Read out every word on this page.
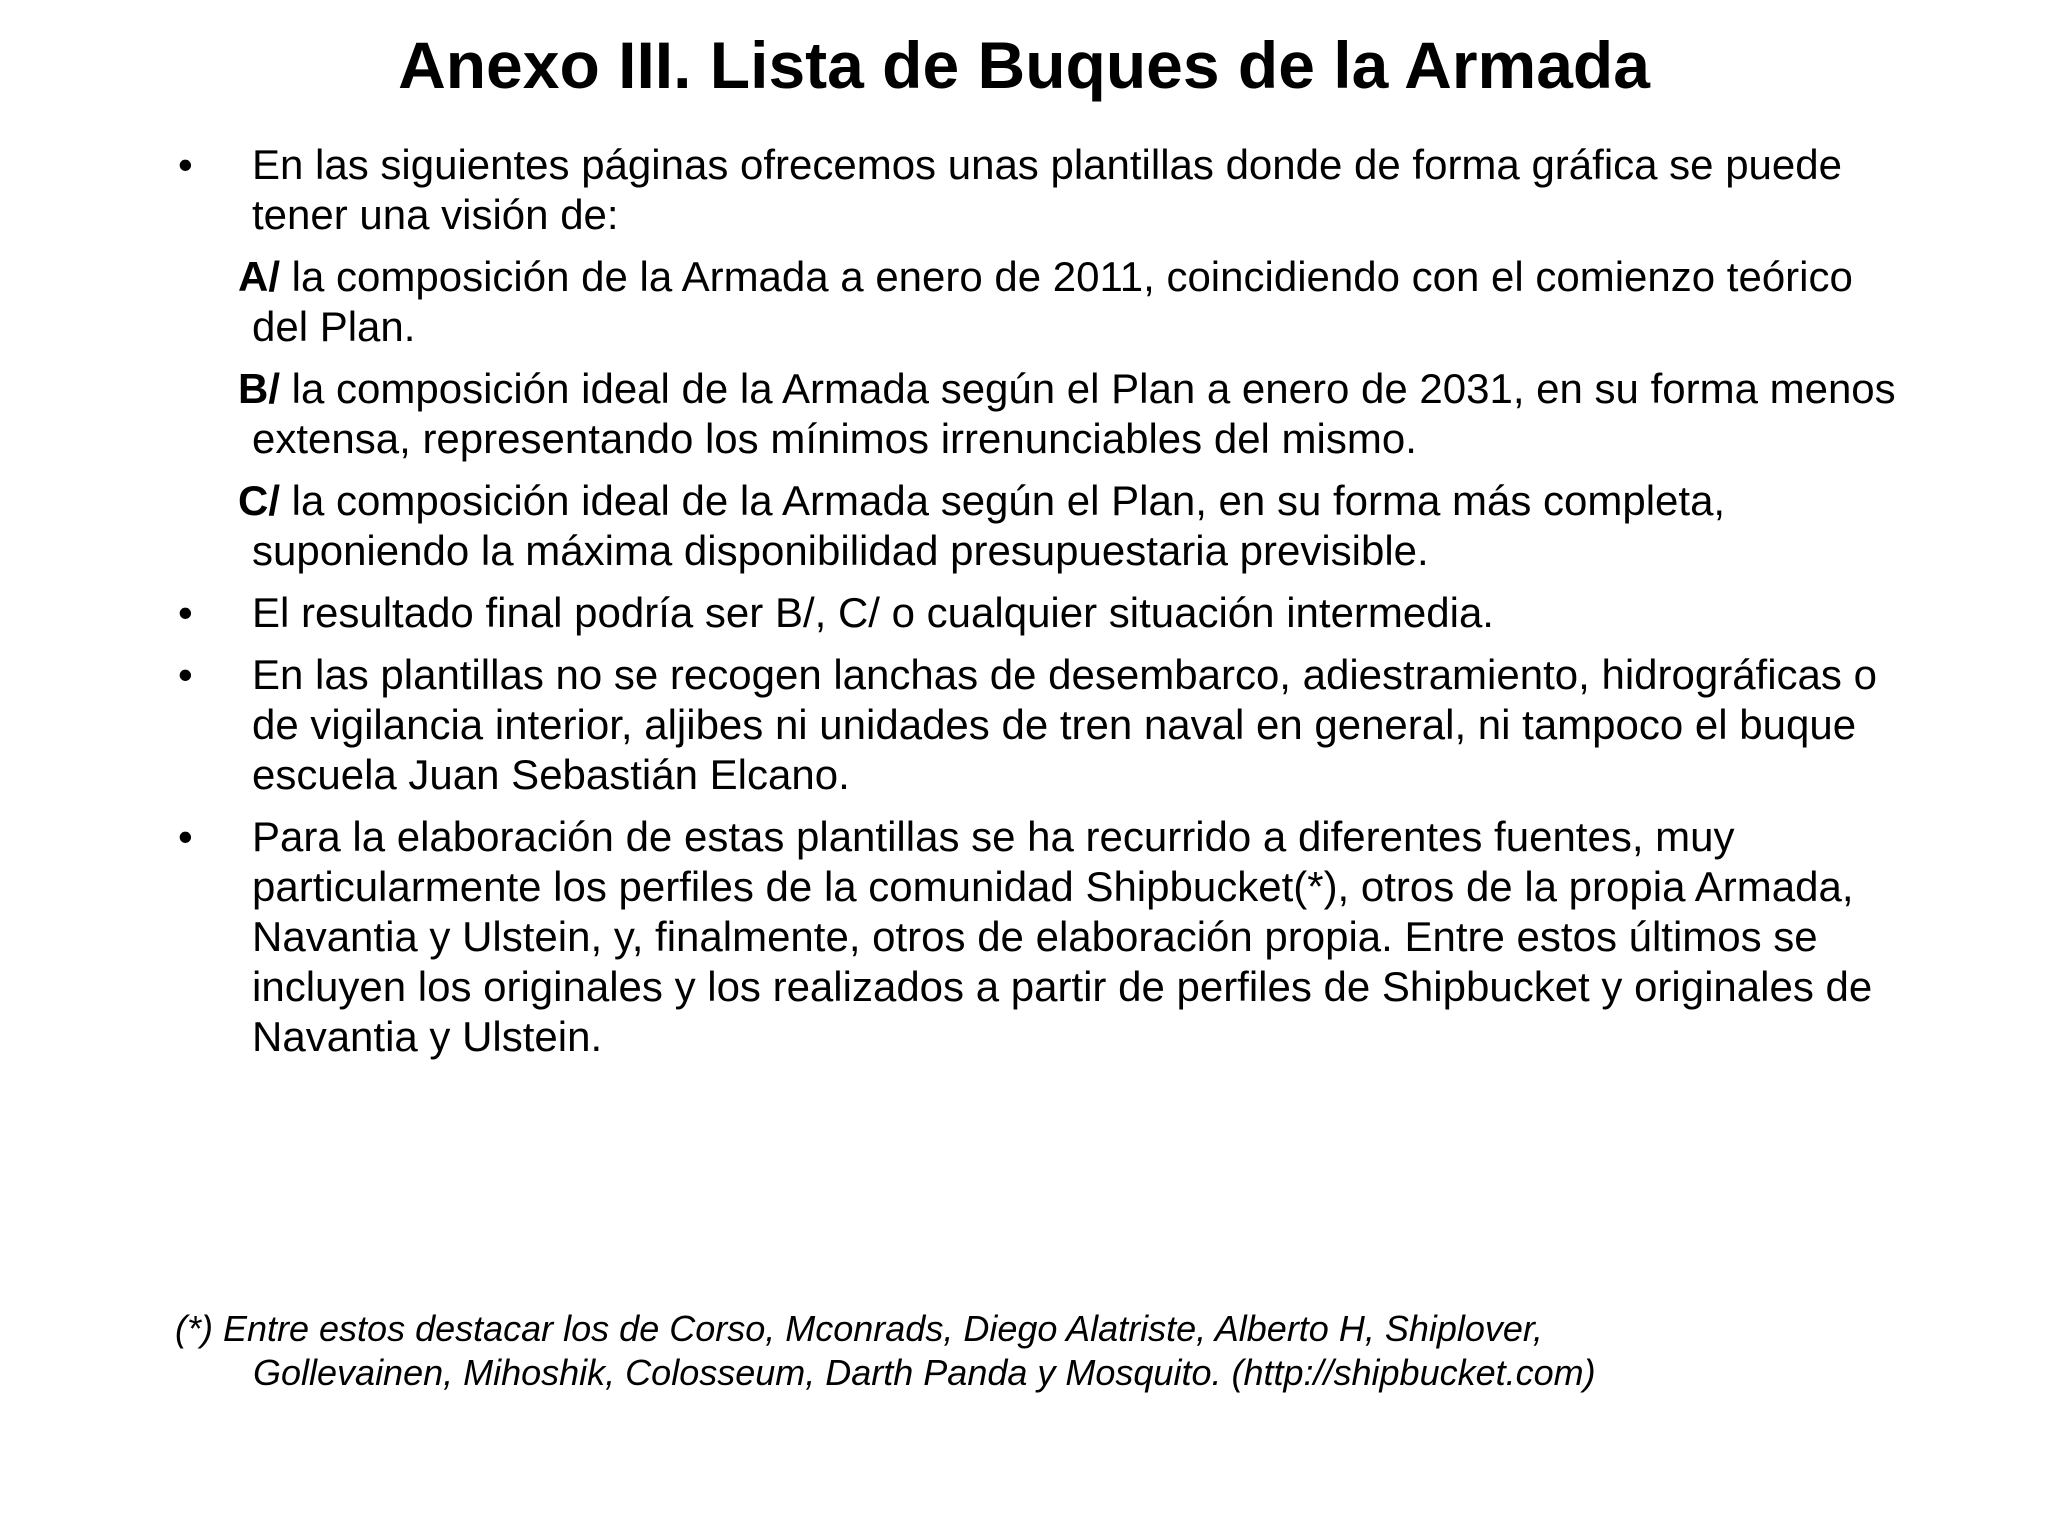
Anexo III. Lista de Buques de la Armada
• En las siguientes páginas ofrecemos unas plantillas donde de forma gráfica se puede tener una visión de:
A/ la composición de la Armada a enero de 2011, coincidiendo con el comienzo teórico del Plan.
B/ la composición ideal de la Armada según el Plan a enero de 2031, en su forma menos extensa, representando los mínimos irrenunciables del mismo.
C/ la composición ideal de la Armada según el Plan, en su forma más completa, suponiendo la máxima disponibilidad presupuestaria previsible.
• El resultado final podría ser B/, C/ o cualquier situación intermedia.
• En las plantillas no se recogen lanchas de desembarco, adiestramiento, hidrográficas o de vigilancia interior, aljibes ni unidades de tren naval en general, ni tampoco el buque escuela Juan Sebastián Elcano.
• Para la elaboración de estas plantillas se ha recurrido a diferentes fuentes, muy particularmente los perfiles de la comunidad Shipbucket(*), otros de la propia Armada, Navantia y Ulstein, y, finalmente, otros de elaboración propia. Entre estos últimos se incluyen los originales y los realizados a partir de perfiles de Shipbucket y originales de Navantia y Ulstein.
(*) Entre estos destacar los de Corso, Mconrads, Diego Alatriste, Alberto H, Shiplover,
Gollevainen, Mihoshik, Colosseum, Darth Panda y Mosquito. (http://shipbucket.com)
